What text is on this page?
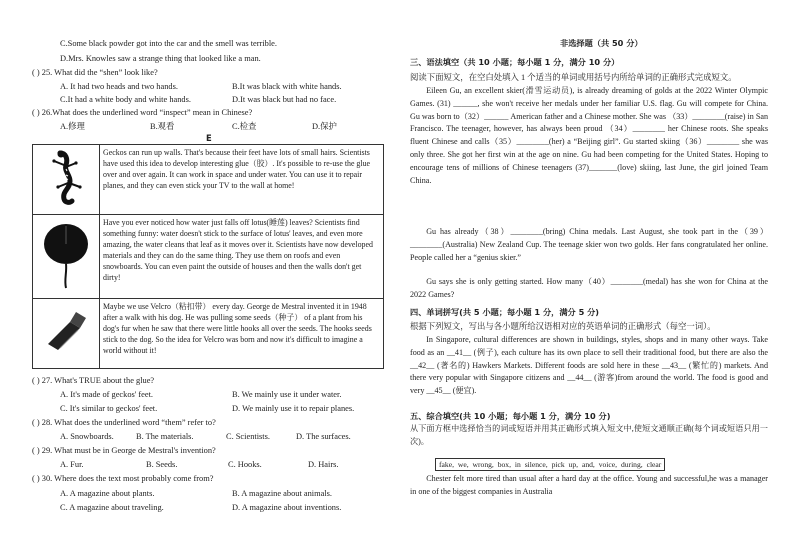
C.Some black powder got into the car and the smell was terrible.
D.Mrs. Knowles saw a strange thing that looked like a man.
( ) 25. What did the “shen” look like?
A. It had two heads and two hands.	B.It was black with white hands.
C.It had a white body and white hands.	D.It was black but had no face.
( ) 26.What does the underlined word “inspect” mean in Chinese?
A.修理	B.观看	C.检查	D.保护
E
	Geckos can run up walls. That's because their feet have lots of small hairs. Scientists have used this idea to develop interesting glue（胶）. It's possible to re-use the glue over and over again. It can work in space and under water. You can use it to repair planes, and they can even stick your TV to the wall at home!
	Have you ever noticed how water just falls off lotus(睡莲) leaves? Scientists find something funny: water doesn't stick to the surface of lotus' leaves, and even more amazing, the water cleans that leaf as it moves over it. Scientists have now developed materials and they can do the same thing. They use them on roofs and even snowboards. You can even paint the outside of houses and then the walls don't get dirty!
	Maybe we use Velcro（粘扣带） every day. George de Mestral invented it in 1948 after a walk with his dog. He was pulling some seeds（种子） of a plant from his dog's fur when he saw that there were little hooks all over the seeds. The hooks seeds stick to the dog. So the idea for Velcro was born and now it's difficult to imagine a world without it!
( ) 27. What's TRUE about the glue?
A. It's made of geckos' feet.	B. We mainly use it under water.
C. It's similar to geckos' feet.	D. We mainly use it to repair planes.
( ) 28. What does the underlined word “them” refer to?
A. Snowboards.	B. The materials.	C. Scientists.	D. The surfaces.
( ) 29. What must be in George de Mestral's invention?
A. Fur.	B. Seeds.	C. Hooks.	D. Hairs.
( ) 30. Where does the text most probably come from?
A. A magazine about plants.	B. A magazine about animals.
C. A magazine about traveling.	D. A magazine about inventions.
非选择题（共 50 分）
三、语法填空（共 10 小题；每小题 1 分，满分 10 分）
阅读下面短文，在空白处填入 1 个适当的单词或用括号内所给单词的正确形式完成短文。
Eileen Gu, an excellent skier(滑雪运动员), is already dreaming of golds at the 2022 Winter Olympic Games. (31) ______, she won't receive her medals under her familiar U.S. flag. Gu will compete for China. Gu was born to（32）______ American father and a Chinese mother. She was （33）________(raise) in San Francisco. The teenager, however, has always been proud （34）________ her Chinese roots. She speaks fluent Chinese and calls（35）________(her) a “Beijing girl”. Gu started skiing（36）________ she was only three. She got her first win at the age on nine. Gu had been competing for the United States. Hoping to encourage tens of millions of Chinese teenagers (37)_______(love) skiing, last June, the girl joined Team China.
Gu has already（38）________(bring) China medals. Last August, she took part in the（39）________(Australia) New Zealand Cup. The teenage skier won two golds. Her fans congratulated her online. People called her a “genius skier.”
Gu says she is only getting started. How many（40）________(medal) has she won for China at the 2022 Games?
四、单词拼写(共 5 小题；每小题 1 分，满分 5 分)
根据下列短文，写出与各小题所给汉语相对应的英语单词的正确形式（每空一词）。
In Singapore, cultural differences are shown in buildings, styles, shops and in many other ways. Take food as an __41__ (例子), each culture has its own place to sell their traditional food, but there are also the __42__ (著名的) Hawkers Markets. Different foods are sold here in these __43__ (繁忙的) markets. And there very popular with Singapore citizens and __44__ (游客)from around the world. The food is good and very __45__ (便宜).
五、综合填空(共 10 小题；每小题 1 分，满分 10 分)
从下面方框中选择恰当的词或短语并用其正确形式填入短文中,使短文通顺正确(每个词或短语只用一次)。
fake, we, wrong, box, in silence, pick up, and, voice, during, clear
Chester felt more tired than usual after a hard day at the office. Young and successful,he was a manager in one of the biggest companies in Australia
